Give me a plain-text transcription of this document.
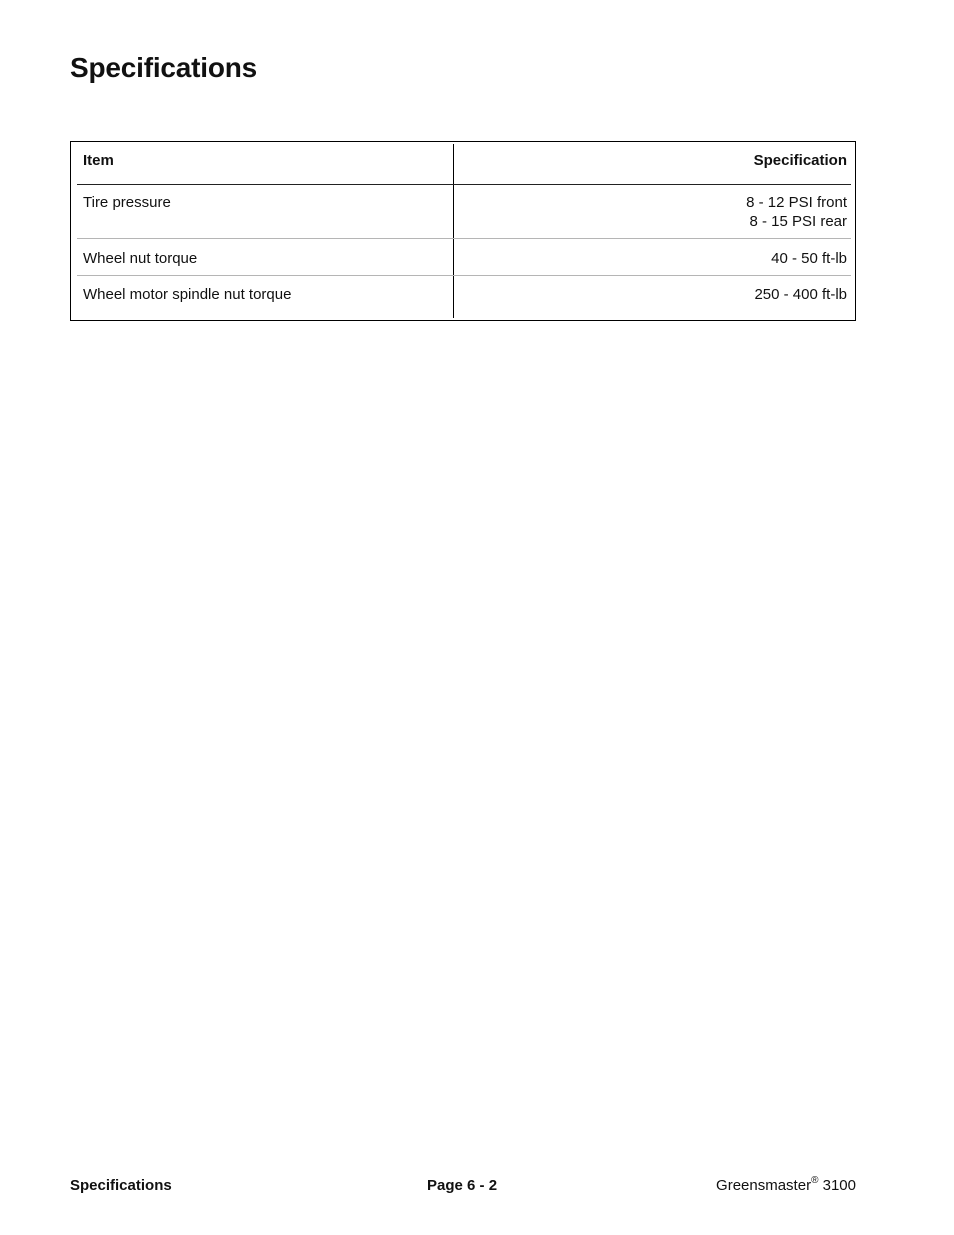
Specifications
Item	Specification
Tire pressure	8 - 12 PSI front
8 - 15 PSI rear
Wheel nut torque	40 - 50 ft-lb
Wheel motor spindle nut torque	250 - 400 ft-lb
Specifications	Page 6 - 2	Greensmaster® 3100
